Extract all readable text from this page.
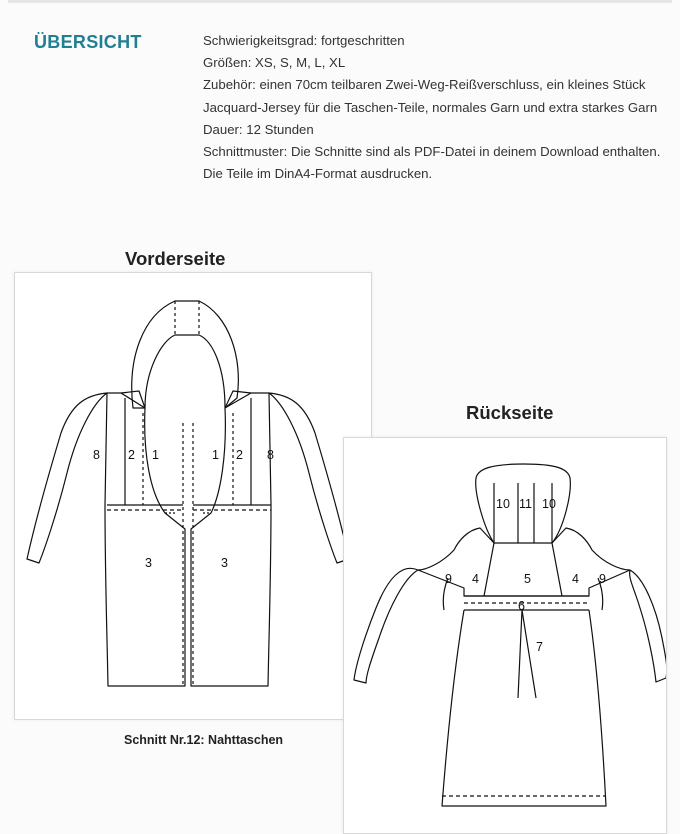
ÜBERSICHT	Schwierigkeitsgrad: fortgeschritten

Größen: XS, S, M, L, XL

Zubehör: einen 70cm teilbaren Zwei-Weg-Reißverschluss, ein kleines Stück Jacquard-Jersey für die Taschen-Teile, normales Garn und extra starkes Garn

Dauer: 12 Stunden

Schnittmuster: Die Schnitte sind als PDF-Datei in deinem Download enthalten. Die Teile im DinA4-Format ausdrucken.

Vorderseite
8 2 1	1 2 8
3	3
Schnitt Nr.12: Nahttaschen
Rückseite
10 11 10
9 4	5	4 9
6
7
